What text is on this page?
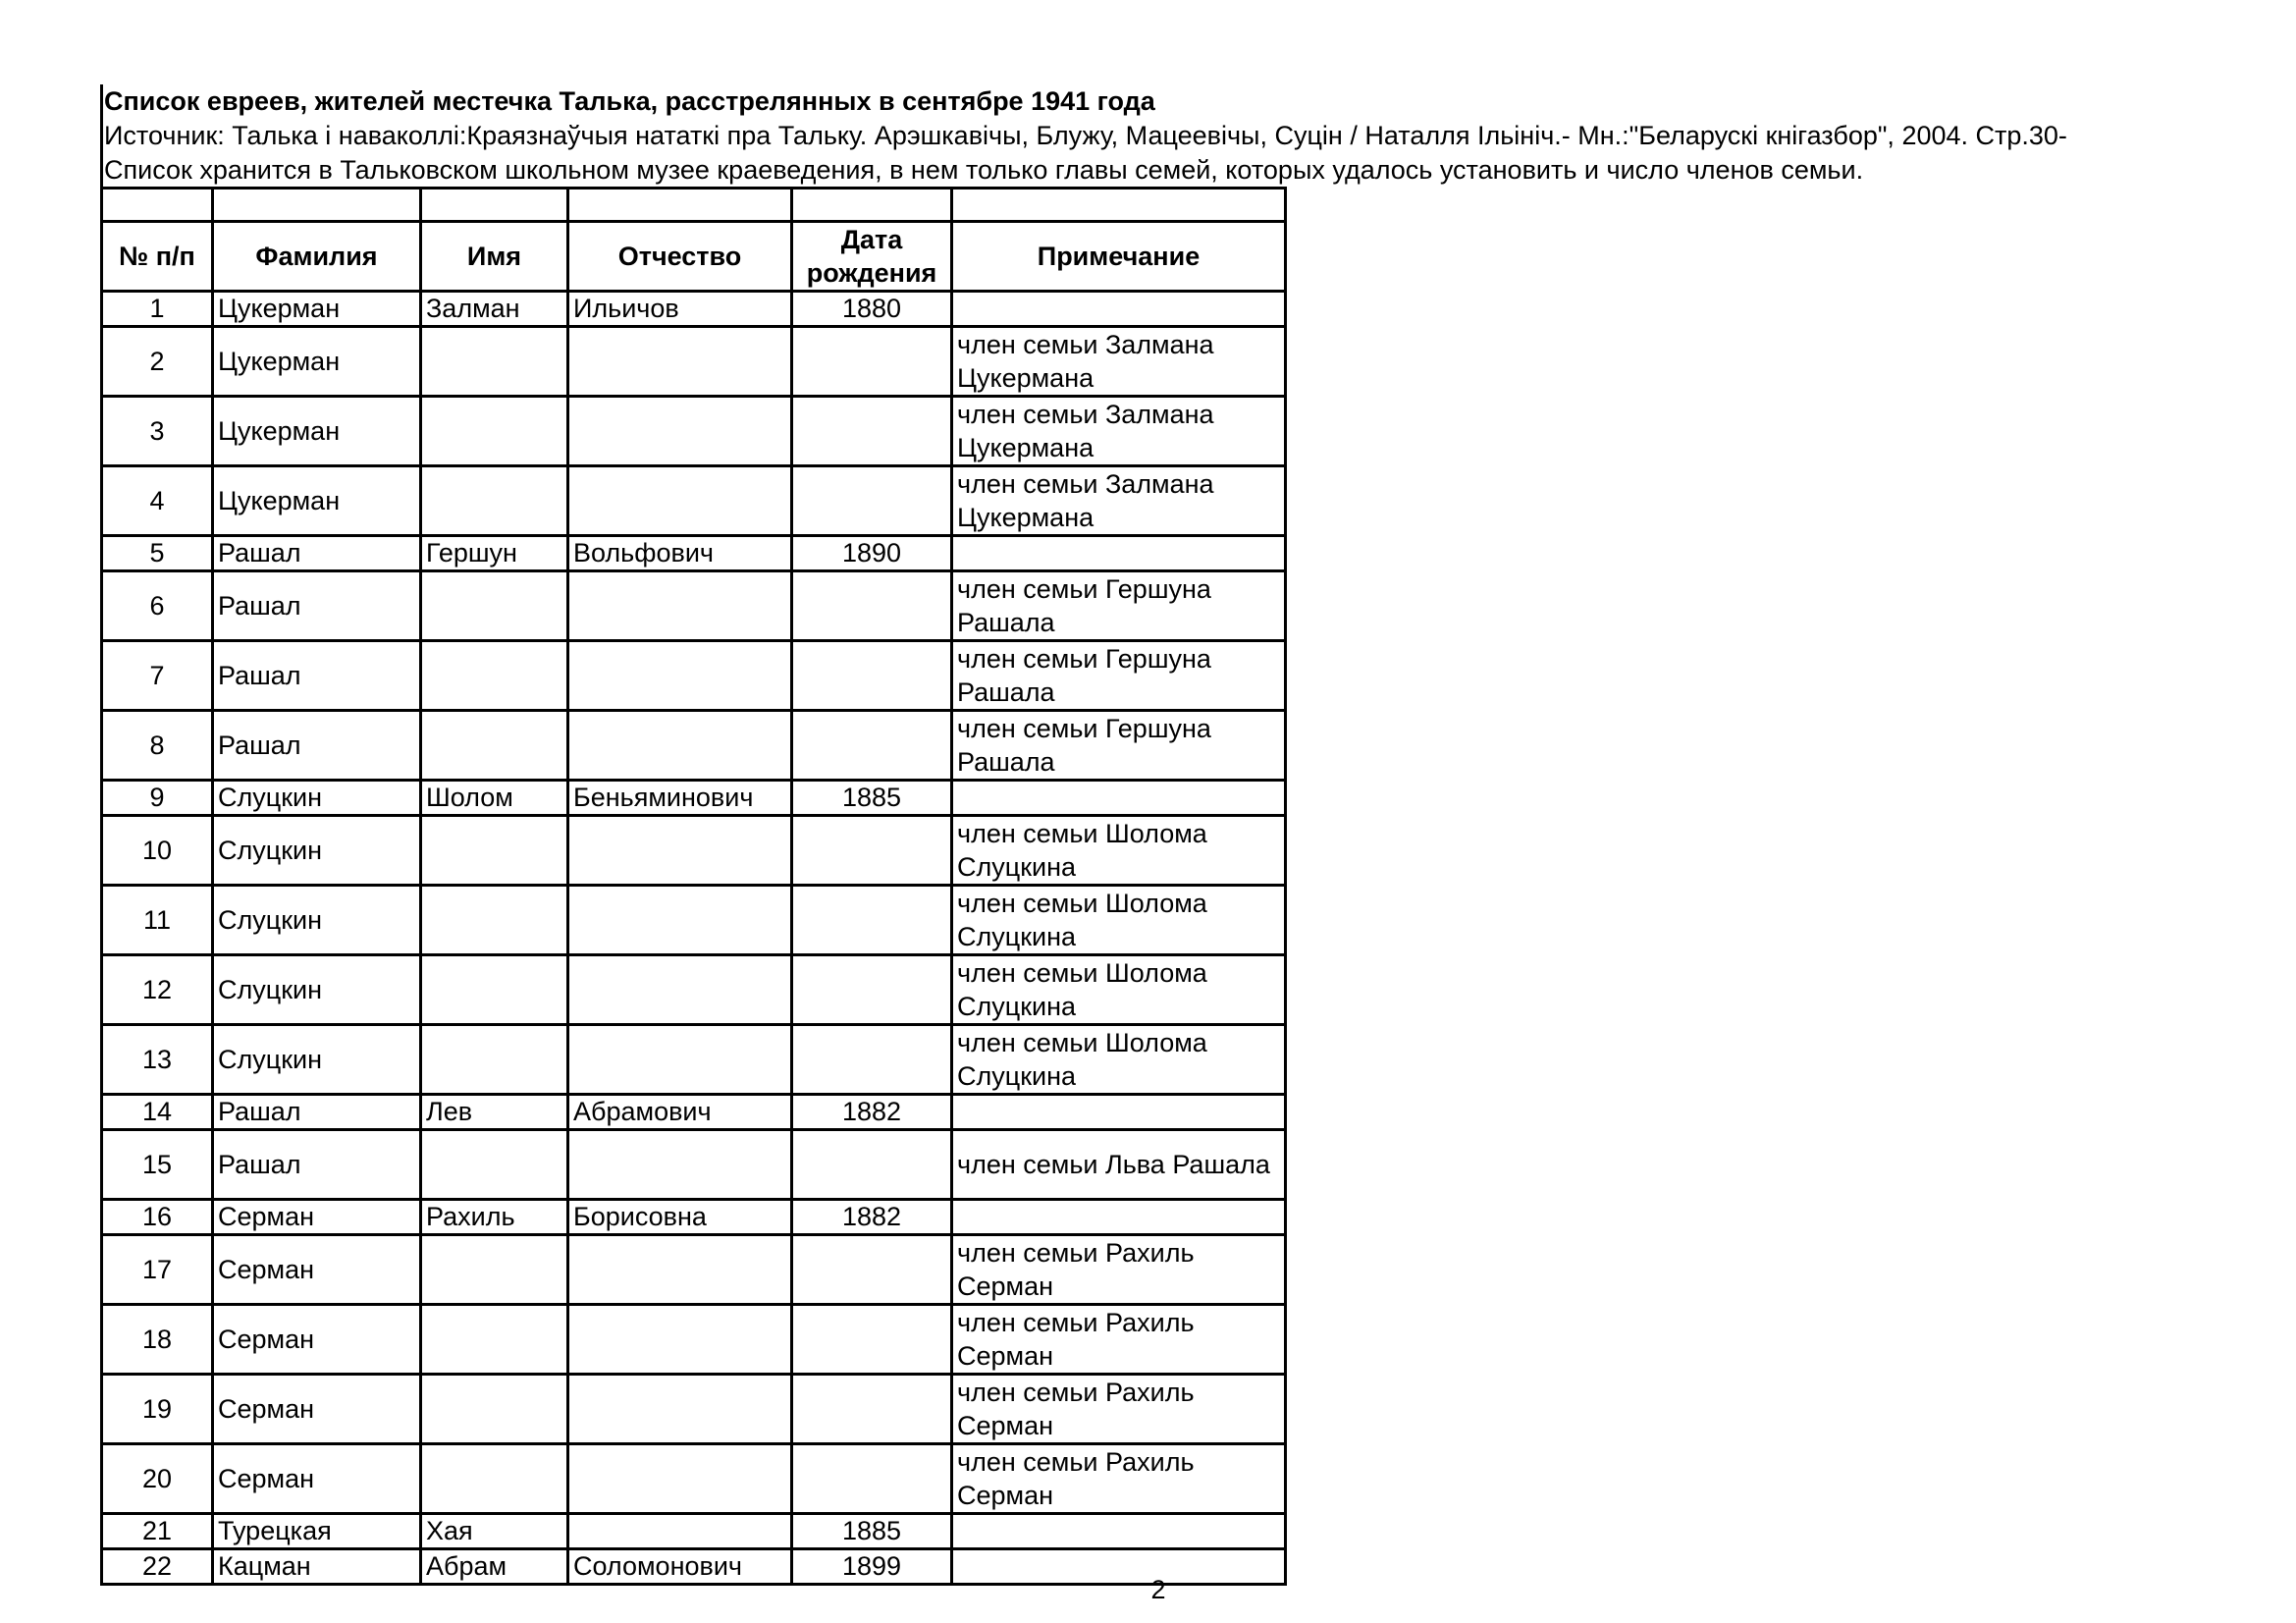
Список евреев, жителей местечка Талька, расстрелянных в сентябре 1941 года
Источник: Талька і наваколлі:Краязнаўчыя нататкі пра Тальку. Арэшкавічы, Блужу, Мацеевічы, Суцін / Наталля Ільініч.- Мн.:"Беларускі кнігазбор", 2004. Стр.30-
Список хранится в Тальковском школьном музее краеведения, в нем только главы семей, которых удалось установить и число членов семьи.

№ п/п	Фамилия	Имя	Отчество	Дата рождения	Примечание
1	Цукерман	Залман	Ильичов	1880	
2	Цукерман				член семьи Залмана Цукермана
3	Цукерман				член семьи Залмана Цукермана
4	Цукерман				член семьи Залмана Цукермана
5	Рашал	Гершун	Вольфович	1890	
6	Рашал				член семьи Гершуна Рашала
7	Рашал				член семьи Гершуна Рашала
8	Рашал				член семьи Гершуна Рашала
9	Слуцкин	Шолом	Беньяминович	1885	
10	Слуцкин				член семьи Шолома Слуцкина
11	Слуцкин				член семьи Шолома Слуцкина
12	Слуцкин				член семьи Шолома Слуцкина
13	Слуцкин				член семьи Шолома Слуцкина
14	Рашал	Лев	Абрамович	1882	
15	Рашал				член семьи Льва Рашала
16	Серман	Рахиль	Борисовна	1882	
17	Серман				член семьи Рахиль Серман
18	Серман				член семьи Рахиль Серман
19	Серман				член семьи Рахиль Серман
20	Серман				член семьи Рахиль Серман
21	Турецкая	Хая		1885	
22	Кацман	Абрам	Соломонович	1899	
2
